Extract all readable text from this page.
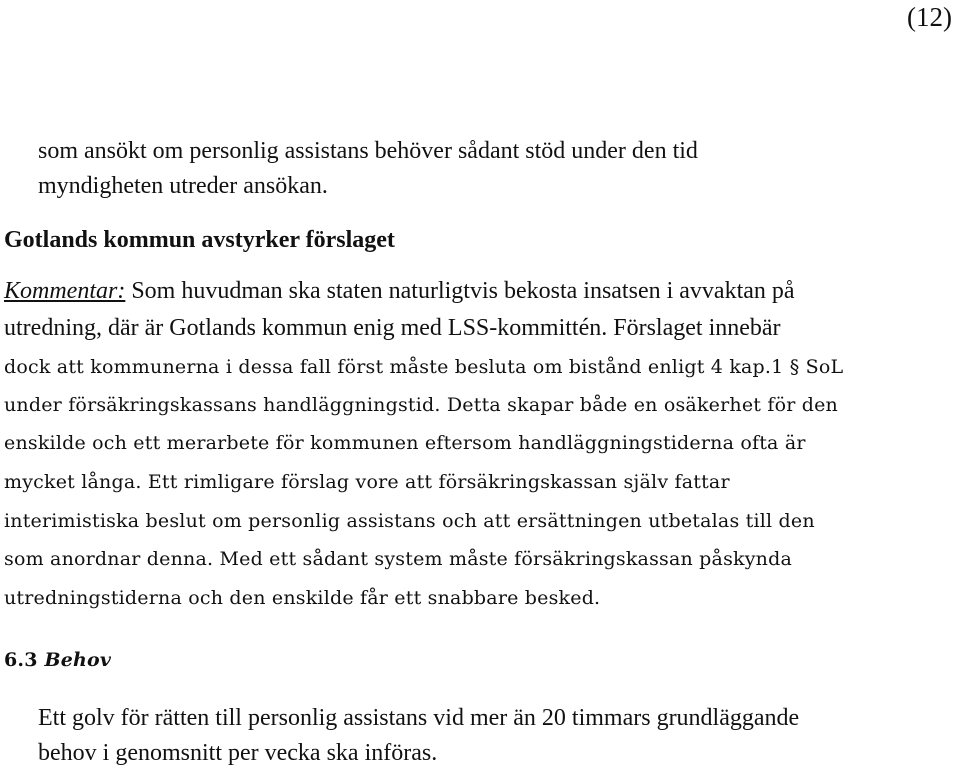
(12)
som ansökt om personlig assistans behöver sådant stöd under den tid
myndigheten utreder ansökan.
Gotlands kommun avstyrker förslaget
Kommentar: Som huvudman ska staten naturligtvis bekosta insatsen i avvaktan på
utredning, där är Gotlands kommun enig med LSS-kommittén. Förslaget innebär
dock att kommunerna i dessa fall först måste besluta om bistånd enligt 4 kap.1 § SoL
under försäkringskassans handläggningstid. Detta skapar både en osäkerhet för den
enskilde och ett merarbete för kommunen eftersom handläggningstiderna ofta är
mycket långa. Ett rimligare förslag vore att försäkringskassan själv fattar
interimistiska beslut om personlig assistans och att ersättningen utbetalas till den
som anordnar denna. Med ett sådant system måste försäkringskassan påskynda
utredningstiderna och den enskilde får ett snabbare besked.
6.3 Behov
Ett golv för rätten till personlig assistans vid mer än 20 timmars grundläggande
behov i genomsnitt per vecka ska införas.
